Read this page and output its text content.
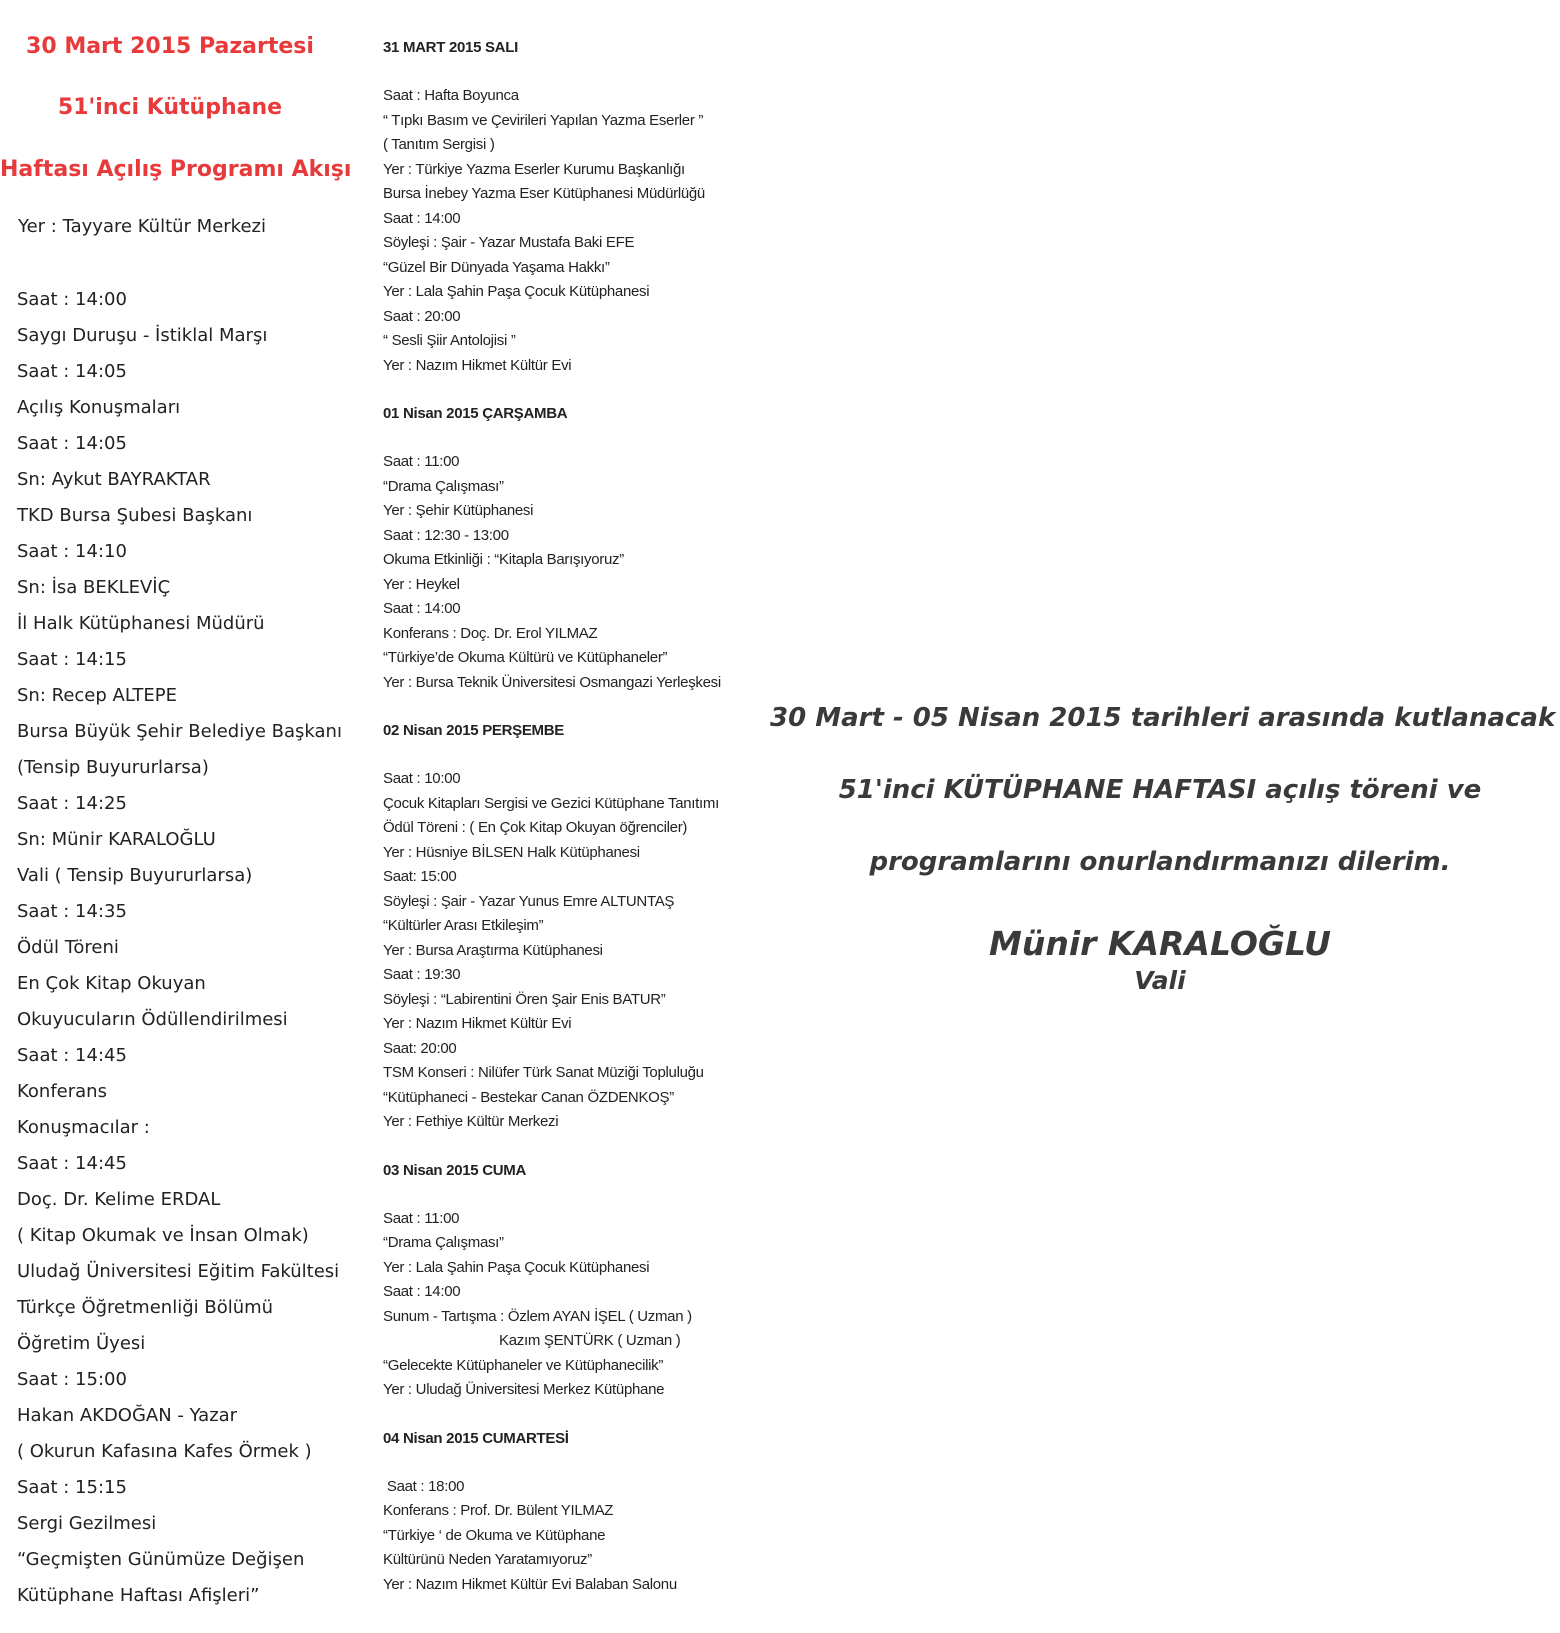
30 Mart 2015 Pazartesi
51'inci Kütüphane
Haftası Açılış Programı Akışı
Yer : Tayyare Kültür Merkezi
Saat : 14:00
Saygı Duruşu - İstiklal Marşı
Saat : 14:05
Açılış Konuşmaları
Saat : 14:05
Sn: Aykut BAYRAKTAR
TKD Bursa Şubesi Başkanı
Saat : 14:10
Sn: İsa BEKLEVİÇ
İl Halk Kütüphanesi Müdürü
Saat : 14:15
Sn: Recep ALTEPE
Bursa Büyük Şehir Belediye Başkanı
(Tensip Buyururlarsa)
Saat : 14:25
Sn: Münir KARALOĞLU
Vali ( Tensip Buyururlarsa)
Saat : 14:35
Ödül Töreni
En Çok Kitap Okuyan
Okuyucuların Ödüllendirilmesi
Saat : 14:45
Konferans
Konuşmacılar :
Saat : 14:45
Doç. Dr. Kelime ERDAL
( Kitap Okumak ve İnsan Olmak)
Uludağ Üniversitesi Eğitim Fakültesi
Türkçe Öğretmenliği Bölümü
Öğretim Üyesi
Saat : 15:00
Hakan AKDOĞAN - Yazar
( Okurun Kafasına Kafes Örmek )
Saat : 15:15
Sergi Gezilmesi
“Geçmişten Günümüze Değişen
Kütüphane Haftası Afişleri”
31 MART 2015 SALI
Saat : Hafta Boyunca
“ Tıpkı Basım ve Çevirileri Yapılan Yazma Eserler ”
( Tanıtım Sergisi )
Yer : Türkiye Yazma Eserler Kurumu Başkanlığı
Bursa İnebey Yazma Eser Kütüphanesi Müdürlüğü
Saat : 14:00
Söyleşi : Şair - Yazar Mustafa Baki EFE
“Güzel Bir Dünyada Yaşama Hakkı”
Yer : Lala Şahin Paşa Çocuk Kütüphanesi
Saat : 20:00
“ Sesli Şiir Antolojisi ”
Yer : Nazım Hikmet Kültür Evi
01 Nisan 2015 ÇARŞAMBA
Saat : 11:00
“Drama Çalışması”
Yer : Şehir Kütüphanesi
Saat : 12:30 - 13:00
Okuma Etkinliği : “Kitapla Barışıyoruz”
Yer : Heykel
Saat : 14:00
Konferans : Doç. Dr. Erol YILMAZ
“Türkiye’de Okuma Kültürü ve Kütüphaneler”
Yer : Bursa Teknik Üniversitesi Osmangazi Yerleşkesi
02 Nisan 2015 PERŞEMBE
Saat : 10:00
Çocuk Kitapları Sergisi ve Gezici Kütüphane Tanıtımı
Ödül Töreni : ( En Çok Kitap Okuyan öğrenciler)
Yer : Hüsniye BİLSEN Halk Kütüphanesi
Saat: 15:00
Söyleşi : Şair - Yazar Yunus Emre ALTUNTAŞ
“Kültürler Arası Etkileşim”
Yer : Bursa Araştırma Kütüphanesi
Saat : 19:30
Söyleşi : “Labirentini Ören Şair Enis BATUR”
Yer : Nazım Hikmet Kültür Evi
Saat: 20:00
TSM Konseri : Nilüfer Türk Sanat Müziği Topluluğu
“Kütüphaneci - Bestekar Canan ÖZDENKOŞ”
Yer : Fethiye Kültür Merkezi
03 Nisan 2015 CUMA
Saat : 11:00
“Drama Çalışması”
Yer : Lala Şahin Paşa Çocuk Kütüphanesi
Saat : 14:00
Sunum - Tartışma : Özlem AYAN İŞEL ( Uzman )
Kazım ŞENTÜRK ( Uzman )
“Gelecekte Kütüphaneler ve Kütüphanecilik”
Yer : Uludağ Üniversitesi Merkez Kütüphane
04 Nisan 2015 CUMARTESİ
Saat : 18:00
Konferans : Prof. Dr. Bülent YILMAZ
“Türkiye ‘ de Okuma ve Kütüphane
Kültürünü Neden Yaratamıyoruz”
Yer : Nazım Hikmet Kültür Evi Balaban Salonu
30 Mart - 05 Nisan 2015 tarihleri arasında kutlanacak
51'inci KÜTÜPHANE HAFTASI açılış töreni ve
programlarını onurlandırmanızı dilerim.
Münir KARALOĞLU
Vali
